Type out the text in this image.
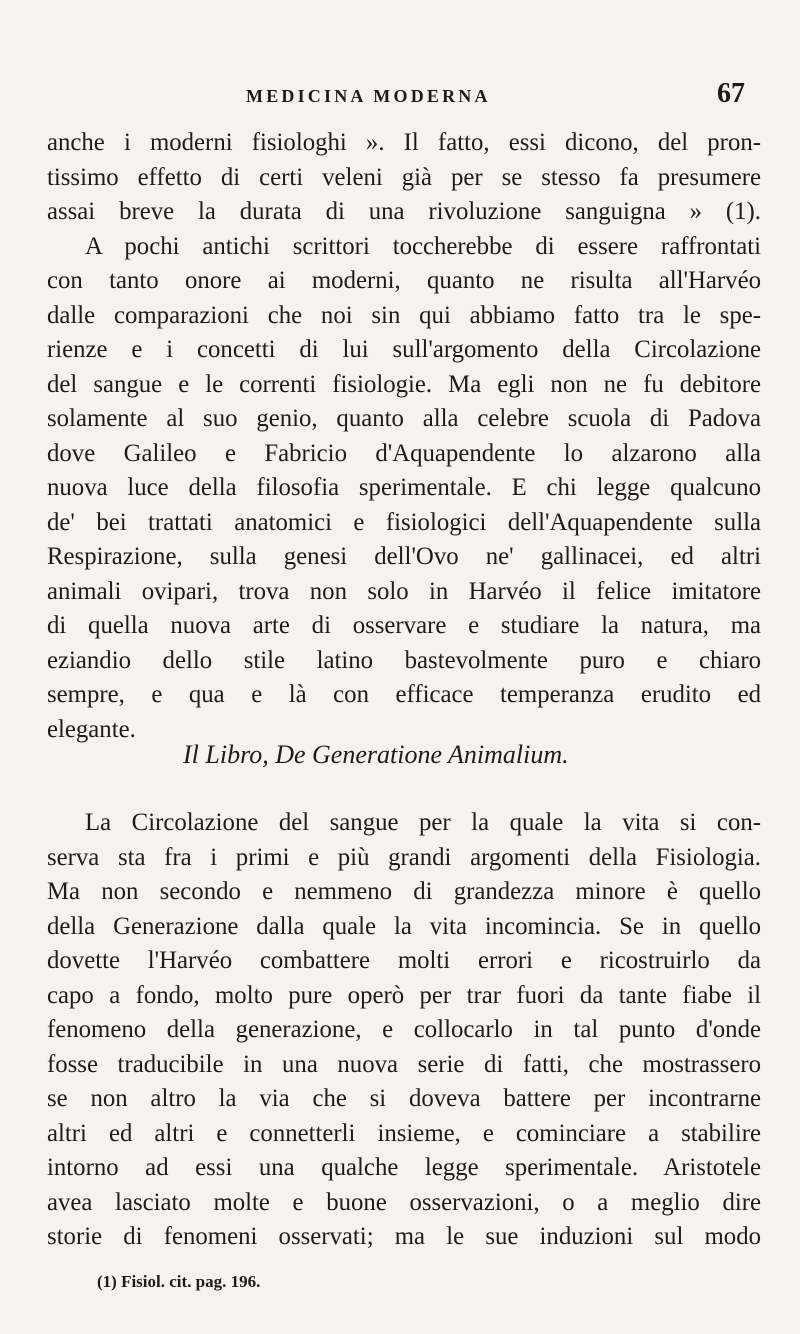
MEDICINA MODERNA	67
anche i moderni fisiologhi ». Il fatto, essi dicono, del pron-
tissimo effetto di certi veleni già per se stesso fa presumere
assai breve la durata di una rivoluzione sanguigna » (1).
A pochi antichi scrittori toccherebbe di essere raffrontati
con tanto onore ai moderni, quanto ne risulta all'Harvéo
dalle comparazioni che noi sin qui abbiamo fatto tra le spe-
rienze e i concetti di lui sull'argomento della Circolazione
del sangue e le correnti fisiologie. Ma egli non ne fu debitore
solamente al suo genio, quanto alla celebre scuola di Padova
dove Galileo e Fabricio d'Aquapendente lo alzarono alla
nuova luce della filosofia sperimentale. E chi legge qualcuno
de' bei trattati anatomici e fisiologici dell'Aquapendente sulla
Respirazione, sulla genesi dell'Ovo ne' gallinacei, ed altri
animali ovipari, trova non solo in Harvéo il felice imitatore
di quella nuova arte di osservare e studiare la natura, ma
eziandio dello stile latino bastevolmente puro e chiaro
sempre, e qua e là con efficace temperanza erudito ed
elegante.
Il Libro, De Generatione Animalium.
La Circolazione del sangue per la quale la vita si con-
serva sta fra i primi e più grandi argomenti della Fisiologia.
Ma non secondo e nemmeno di grandezza minore è quello
della Generazione dalla quale la vita incomincia. Se in quello
dovette l'Harvéo combattere molti errori e ricostruirlo da
capo a fondo, molto pure operò per trar fuori da tante fiabe il
fenomeno della generazione, e collocarlo in tal punto d'onde
fosse traducibile in una nuova serie di fatti, che mostrassero
se non altro la via che si doveva battere per incontrarne
altri ed altri e connetterli insieme, e cominciare a stabilire
intorno ad essi una qualche legge sperimentale. Aristotele
avea lasciato molte e buone osservazioni, o a meglio dire
storie di fenomeni osservati; ma le sue induzioni sul modo
(1) Fisiol. cit. pag. 196.
